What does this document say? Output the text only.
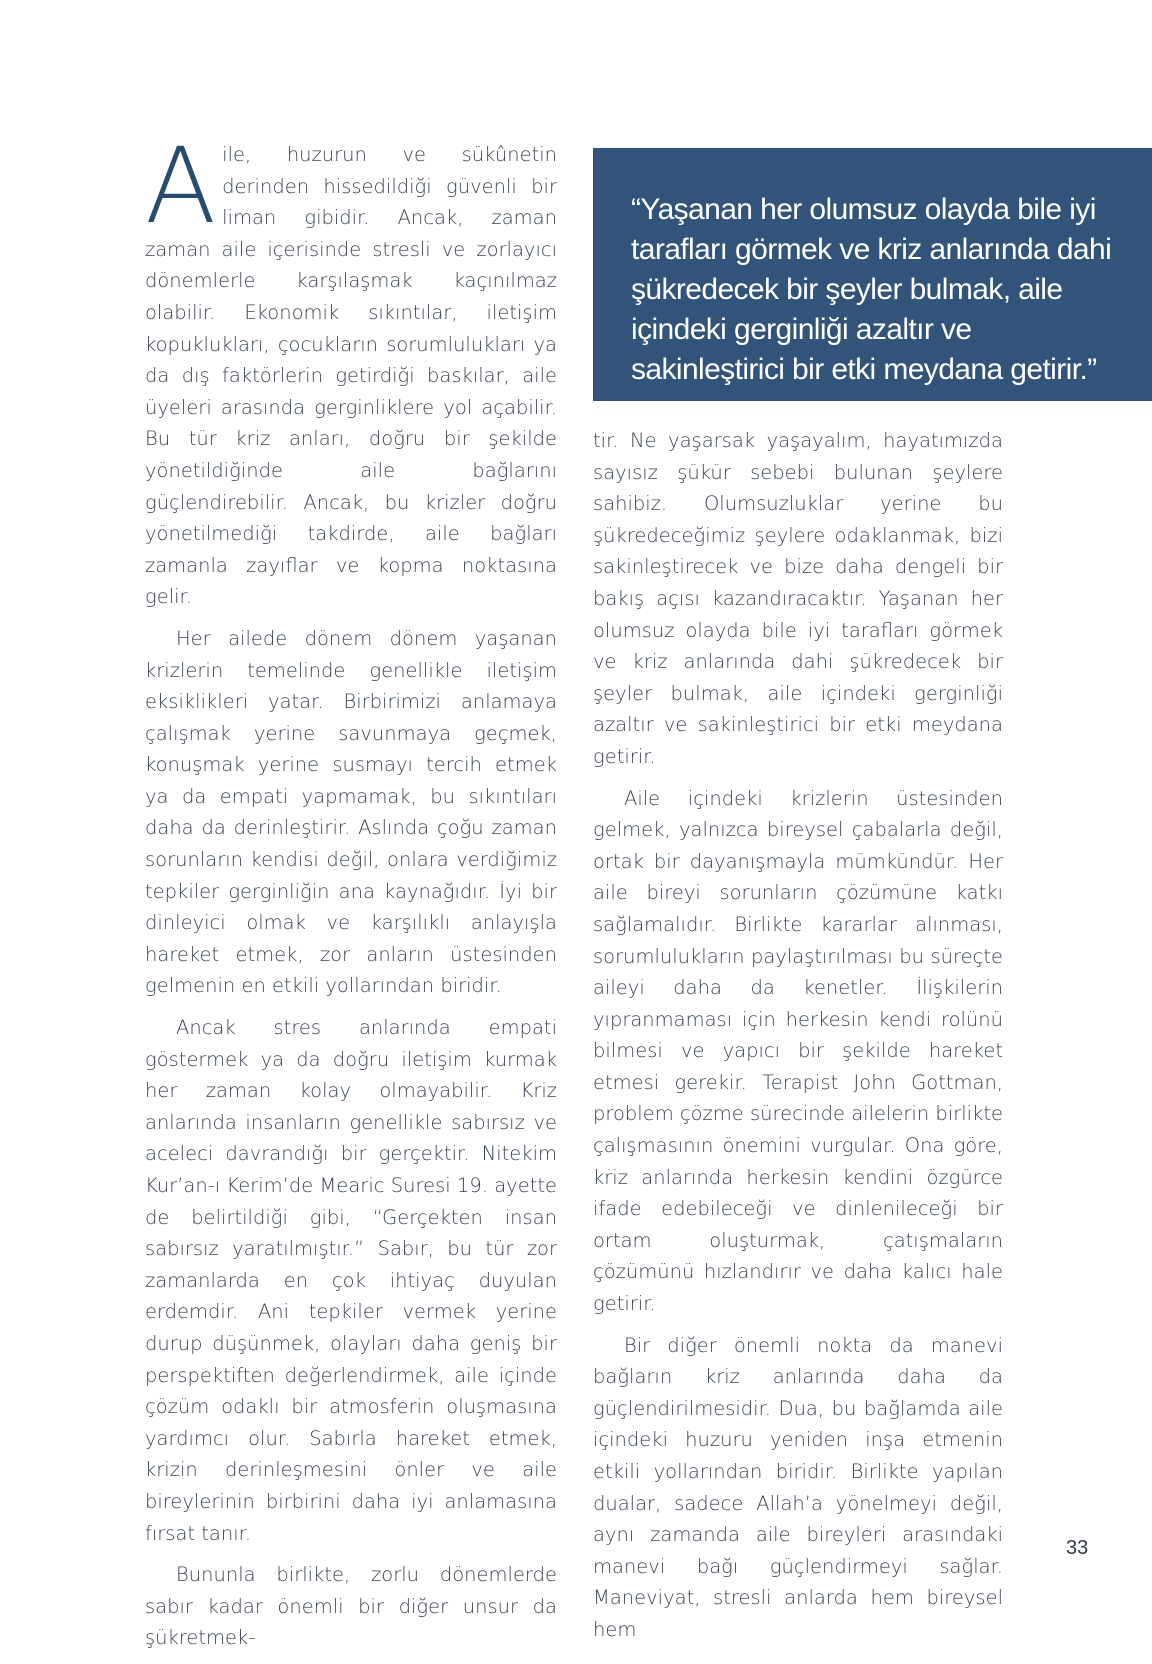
Aile, huzurun ve sükûnetin derinden hissedildiği güvenli bir liman gibidir. Ancak, zaman zaman aile içerisinde stresli ve zorlayıcı dönemlerle karşılaşmak kaçınılmaz olabilir. Ekonomik sıkıntılar, iletişim kopuklukları, çocukların sorumlulukları ya da dış faktörlerin getirdiği baskılar, aile üyeleri arasında gerginliklere yol açabilir. Bu tür kriz anları, doğru bir şekilde yönetildiğinde aile bağlarını güçlendirebilir. Ancak, bu krizler doğru yönetilmediği takdirde, aile bağları zamanla zayıflar ve kopma noktasına gelir.

Her ailede dönem dönem yaşanan krizlerin temelinde genellikle iletişim eksiklikleri yatar. Birbirimizi anlamaya çalışmak yerine savunmaya geçmek, konuşmak yerine susmayı tercih etmek ya da empati yapmamak, bu sıkıntıları daha da derinleştirir. Aslında çoğu zaman sorunların kendisi değil, onlara verdiğimiz tepkiler gerginliğin ana kaynağıdır. İyi bir dinleyici olmak ve karşılıklı anlayışla hareket etmek, zor anların üstesinden gelmenin en etkili yollarından biridir.

Ancak stres anlarında empati göstermek ya da doğru iletişim kurmak her zaman kolay olmayabilir. Kriz anlarında insanların genellikle sabırsız ve aceleci davrandığı bir gerçektir. Nitekim Kur’an-ı Kerim’de Mearic Suresi 19. ayette de belirtildiği gibi, “Gerçekten insan sabırsız yaratılmıştır.” Sabır, bu tür zor zamanlarda en çok ihtiyaç duyulan erdemdir. Ani tepkiler vermek yerine durup düşünmek, olayları daha geniş bir perspektiften değerlendirmek, aile içinde çözüm odaklı bir atmosferin oluşmasına yardımcı olur. Sabırla hareket etmek, krizin derinleşmesini önler ve aile bireylerinin birbirini daha iyi anlamasına fırsat tanır.

Bununla birlikte, zorlu dönemlerde sabır kadar önemli bir diğer unsur da şükretmek-

“Yaşanan her olumsuz olayda bile iyi tarafları görmek ve kriz anlarında dahi şükredecek bir şeyler bulmak, aile içindeki gerginliği azaltır ve sakinleştirici bir etki meydana getirir.”

tir. Ne yaşarsak yaşayalım, hayatımızda sayısız şükür sebebi bulunan şeylere sahibiz. Olumsuzluklar yerine bu şükredeceğimiz şeylere odaklanmak, bizi sakinleştirecek ve bize daha dengeli bir bakış açısı kazandıracaktır. Yaşanan her olumsuz olayda bile iyi tarafları görmek ve kriz anlarında dahi şükredecek bir şeyler bulmak, aile içindeki gerginliği azaltır ve sakinleştirici bir etki meydana getirir.

Aile içindeki krizlerin üstesinden gelmek, yalnızca bireysel çabalarla değil, ortak bir dayanışmayla mümkündür. Her aile bireyi sorunların çözümüne katkı sağlamalıdır. Birlikte kararlar alınması, sorumlulukların paylaştırılması bu süreçte aileyi daha da kenetler. İlişkilerin yıpranmaması için herkesin kendi rolünü bilmesi ve yapıcı bir şekilde hareket etmesi gerekir. Terapist John Gottman, problem çözme sürecinde ailelerin birlikte çalışmasının önemini vurgular. Ona göre, kriz anlarında herkesin kendini özgürce ifade edebileceği ve dinlenileceği bir ortam oluşturmak, çatışmaların çözümünü hızlandırır ve daha kalıcı hale getirir.

Bir diğer önemli nokta da manevi bağların kriz anlarında daha da güçlendirilmesidir. Dua, bu bağlamda aile içindeki huzuru yeniden inşa etmenin etkili yollarından biridir. Birlikte yapılan dualar, sadece Allah’a yönelmeyi değil, aynı zamanda aile bireyleri arasındaki manevi bağı güçlendirmeyi sağlar. Maneviyat, stresli anlarda hem bireysel hem

33
